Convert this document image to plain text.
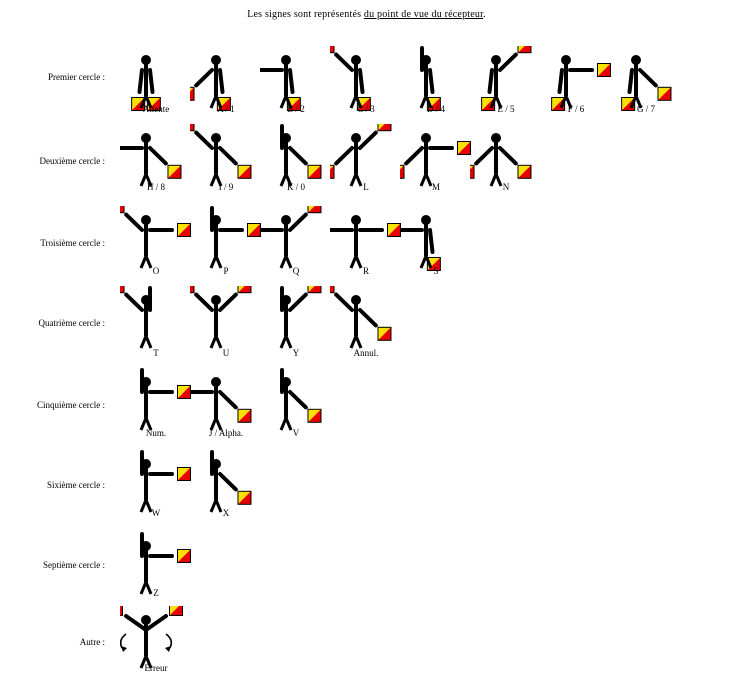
Les signes sont représentés du point de vue du récepteur.
Premier cercle :
Attente	A / 1	B / 2	C / 3	D / 4	E / 5	F / 6	G / 7
Deuxième cercle :
H / 8	I / 9	K / 0	L	M	N
Troisième cercle :
O	P	Q	R	S
Quatrième cercle :
T	U	Y	Annul.
Cinquième cercle :
Num.	J / Alpha.	V
Sixième cercle :
W	X
Septième cercle :
Z
Autre :
Erreur
